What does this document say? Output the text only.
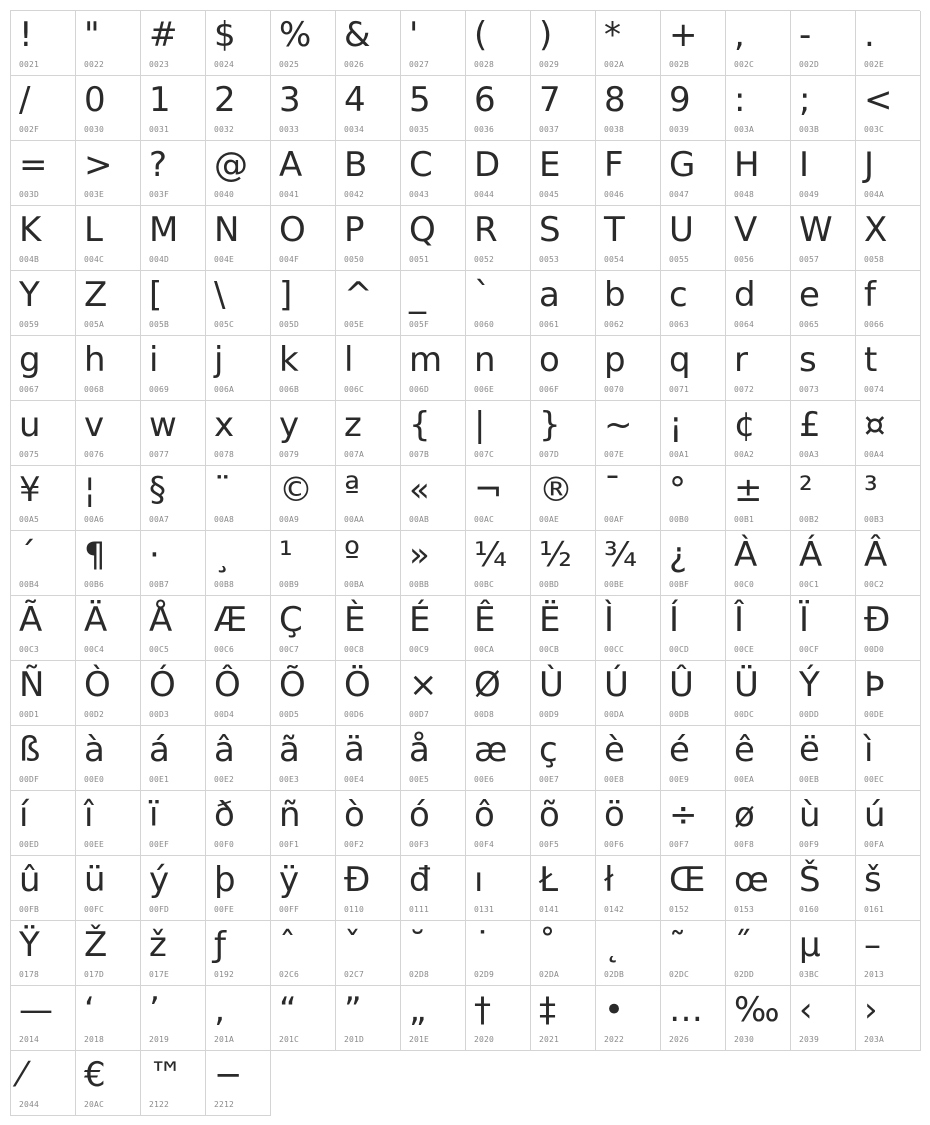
!
0021
"
0022
#
0023
$
0024
%
0025
&
0026
'
0027
(
0028
)
0029
*
002A
+
002B
,
002C
-
002D
.
002E
/
002F
0
0030
1
0031
2
0032
3
0033
4
0034
5
0035
6
0036
7
0037
8
0038
9
0039
:
003A
;
003B
<
003C
=
003D
>
003E
?
003F
@
0040
A
0041
B
0042
C
0043
D
0044
E
0045
F
0046
G
0047
H
0048
I
0049
J
004A
K
004B
L
004C
M
004D
N
004E
O
004F
P
0050
Q
0051
R
0052
S
0053
T
0054
U
0055
V
0056
W
0057
X
0058
Y
0059
Z
005A
[
005B
\
005C
]
005D
^
005E
_
005F
`
0060
a
0061
b
0062
c
0063
d
0064
e
0065
f
0066
g
0067
h
0068
i
0069
j
006A
k
006B
l
006C
m
006D
n
006E
o
006F
p
0070
q
0071
r
0072
s
0073
t
0074
u
0075
v
0076
w
0077
x
0078
y
0079
z
007A
{
007B
|
007C
}
007D
~
007E
¡
00A1
¢
00A2
£
00A3
¤
00A4
¥
00A5
¦
00A6
§
00A7
¨
00A8
©
00A9
ª
00AA
«
00AB
¬
00AC
®
00AE
¯
00AF
°
00B0
±
00B1
²
00B2
³
00B3
´
00B4
¶
00B6
·
00B7
¸
00B8
¹
00B9
º
00BA
»
00BB
¼
00BC
½
00BD
¾
00BE
¿
00BF
À
00C0
Á
00C1
Â
00C2
Ã
00C3
Ä
00C4
Å
00C5
Æ
00C6
Ç
00C7
È
00C8
É
00C9
Ê
00CA
Ë
00CB
Ì
00CC
Í
00CD
Î
00CE
Ï
00CF
Ð
00D0
Ñ
00D1
Ò
00D2
Ó
00D3
Ô
00D4
Õ
00D5
Ö
00D6
×
00D7
Ø
00D8
Ù
00D9
Ú
00DA
Û
00DB
Ü
00DC
Ý
00DD
Þ
00DE
ß
00DF
à
00E0
á
00E1
â
00E2
ã
00E3
ä
00E4
å
00E5
æ
00E6
ç
00E7
è
00E8
é
00E9
ê
00EA
ë
00EB
ì
00EC
í
00ED
î
00EE
ï
00EF
ð
00F0
ñ
00F1
ò
00F2
ó
00F3
ô
00F4
õ
00F5
ö
00F6
÷
00F7
ø
00F8
ù
00F9
ú
00FA
û
00FB
ü
00FC
ý
00FD
þ
00FE
ÿ
00FF
Đ
0110
đ
0111
ı
0131
Ł
0141
ł
0142
Œ
0152
œ
0153
Š
0160
š
0161
Ÿ
0178
Ž
017D
ž
017E
ƒ
0192
ˆ
02C6
ˇ
02C7
˘
02D8
˙
02D9
˚
02DA
˛
02DB
˜
02DC
˝
02DD
μ
03BC
–
2013
—
2014
‘
2018
’
2019
‚
201A
“
201C
”
201D
„
201E
†
2020
‡
2021
•
2022
…
2026
‰
2030
‹
2039
›
203A
⁄
2044
€
20AC
™
2122
−
2212
